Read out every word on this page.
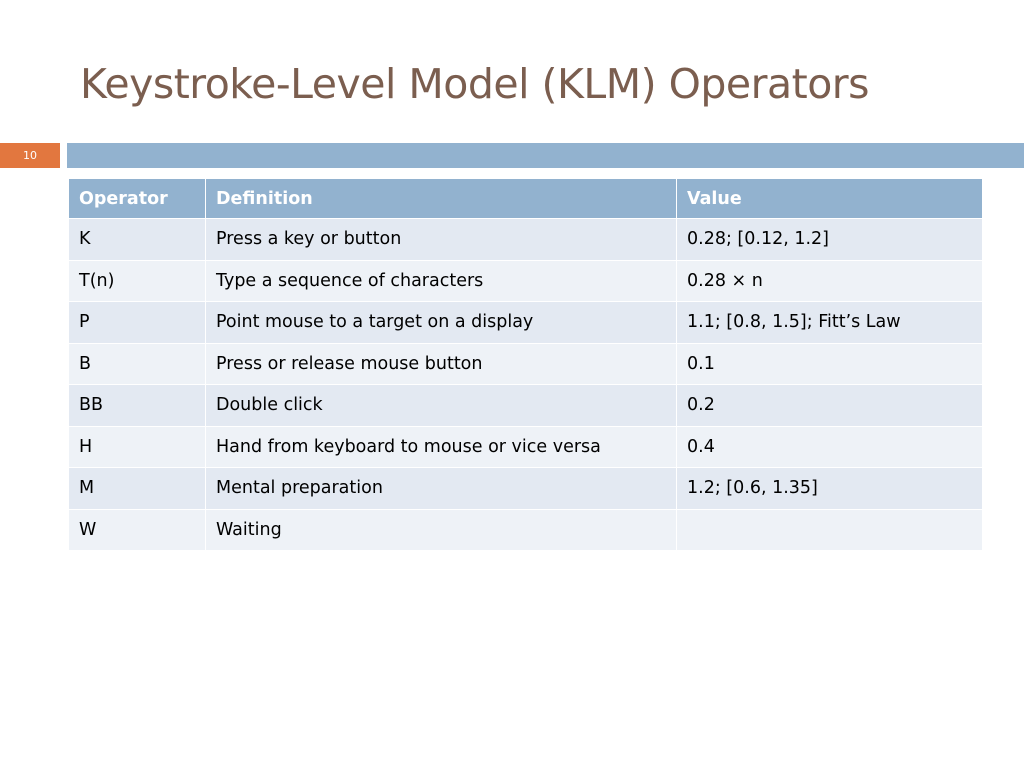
Keystroke-Level Model (KLM) Operators
10
Operator	Definition	Value
K	Press a key or button	0.28; [0.12, 1.2]
T(n)	Type a sequence of characters	0.28 × n
P	Point mouse to a target on a display	1.1; [0.8, 1.5]; Fitt’s Law
B	Press or release mouse button	0.1
BB	Double click	0.2
H	Hand from keyboard to mouse or vice versa	0.4
M	Mental preparation	1.2; [0.6, 1.35]
W	Waiting	
